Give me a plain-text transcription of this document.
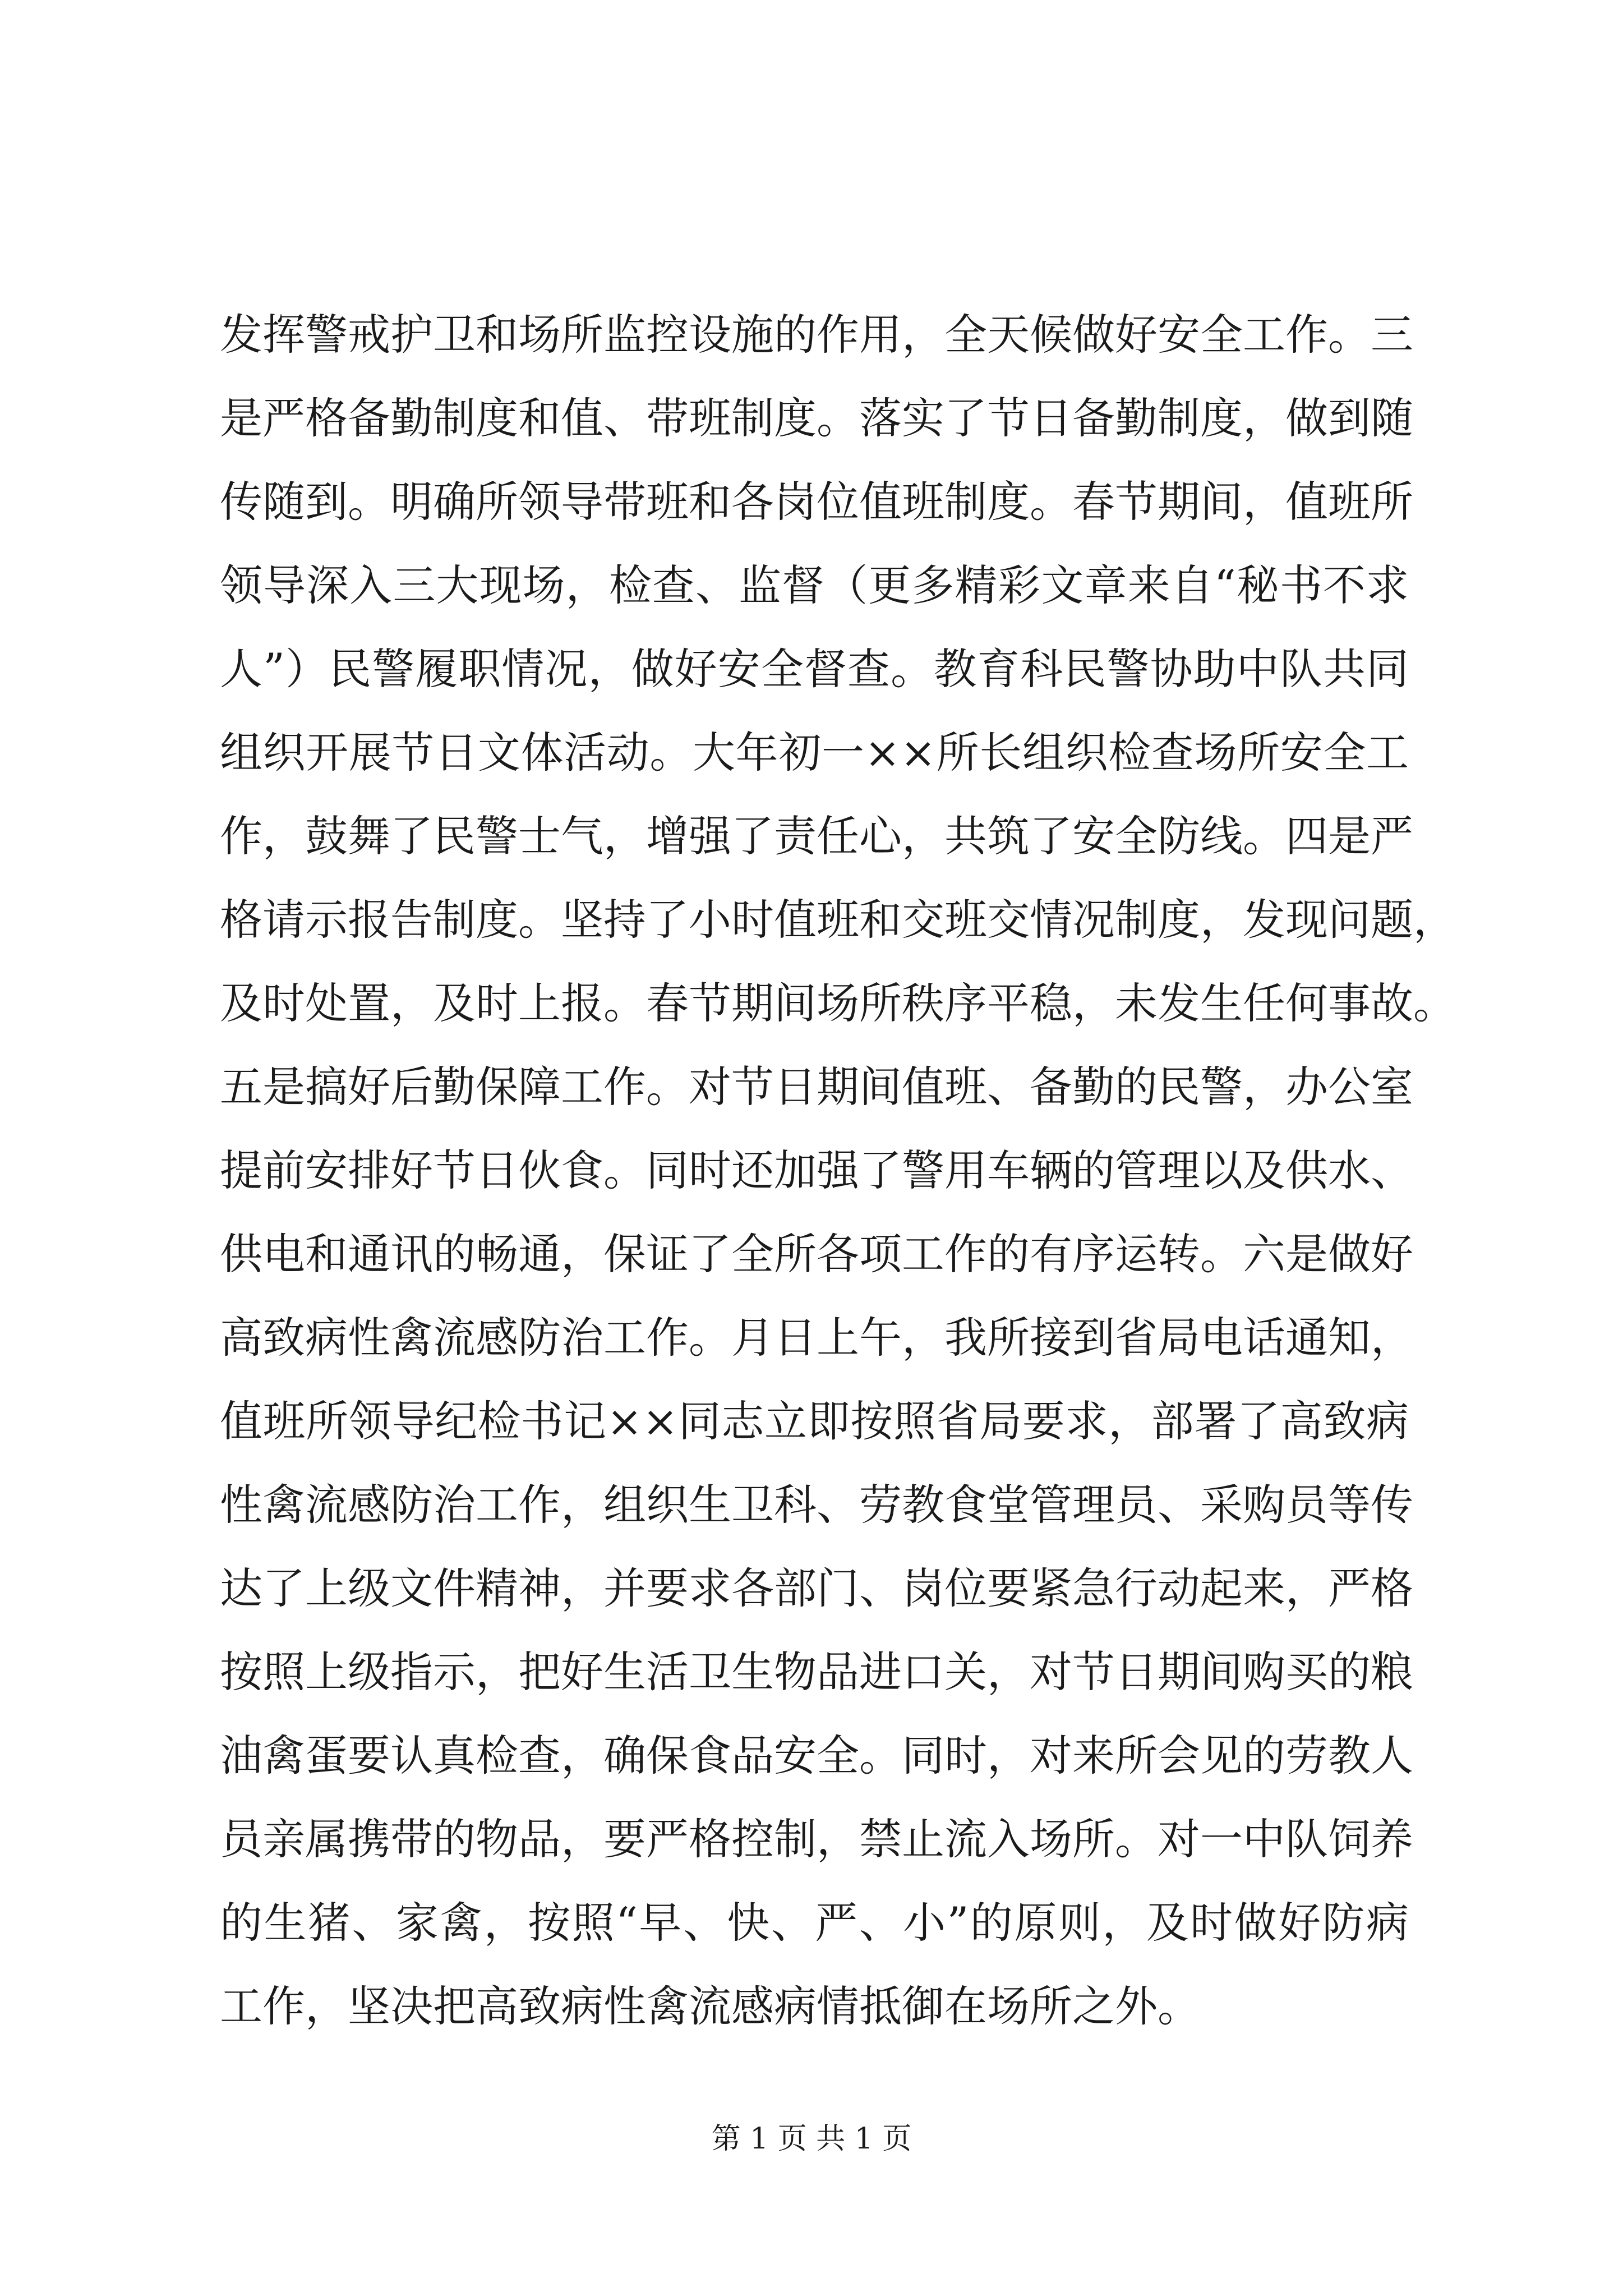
发挥警戒护卫和场所监控设施的作用，全天候做好安全工作。三
是严格备勤制度和值、带班制度。落实了节日备勤制度，做到随
传随到。明确所领导带班和各岗位值班制度。春节期间，值班所
领导深入三大现场，检查、监督（更多精彩文章来自“秘书不求
人”）民警履职情况，做好安全督查。教育科民警协助中队共同
组织开展节日文体活动。大年初一××所长组织检查场所安全工
作，鼓舞了民警士气，增强了责任心，共筑了安全防线。四是严
格请示报告制度。坚持了小时值班和交班交情况制度，发现问题，
及时处置，及时上报。春节期间场所秩序平稳，未发生任何事故。
五是搞好后勤保障工作。对节日期间值班、备勤的民警，办公室
提前安排好节日伙食。同时还加强了警用车辆的管理以及供水、
供电和通讯的畅通，保证了全所各项工作的有序运转。六是做好
高致病性禽流感防治工作。月日上午，我所接到省局电话通知，
值班所领导纪检书记××同志立即按照省局要求，部署了高致病
性禽流感防治工作，组织生卫科、劳教食堂管理员、采购员等传
达了上级文件精神，并要求各部门、岗位要紧急行动起来，严格
按照上级指示，把好生活卫生物品进口关，对节日期间购买的粮
油禽蛋要认真检查，确保食品安全。同时，对来所会见的劳教人
员亲属携带的物品，要严格控制，禁止流入场所。对一中队饲养
的生猪、家禽，按照“早、快、严、小”的原则，及时做好防病
工作，坚决把高致病性禽流感病情抵御在场所之外。
第 1 页 共 1 页
